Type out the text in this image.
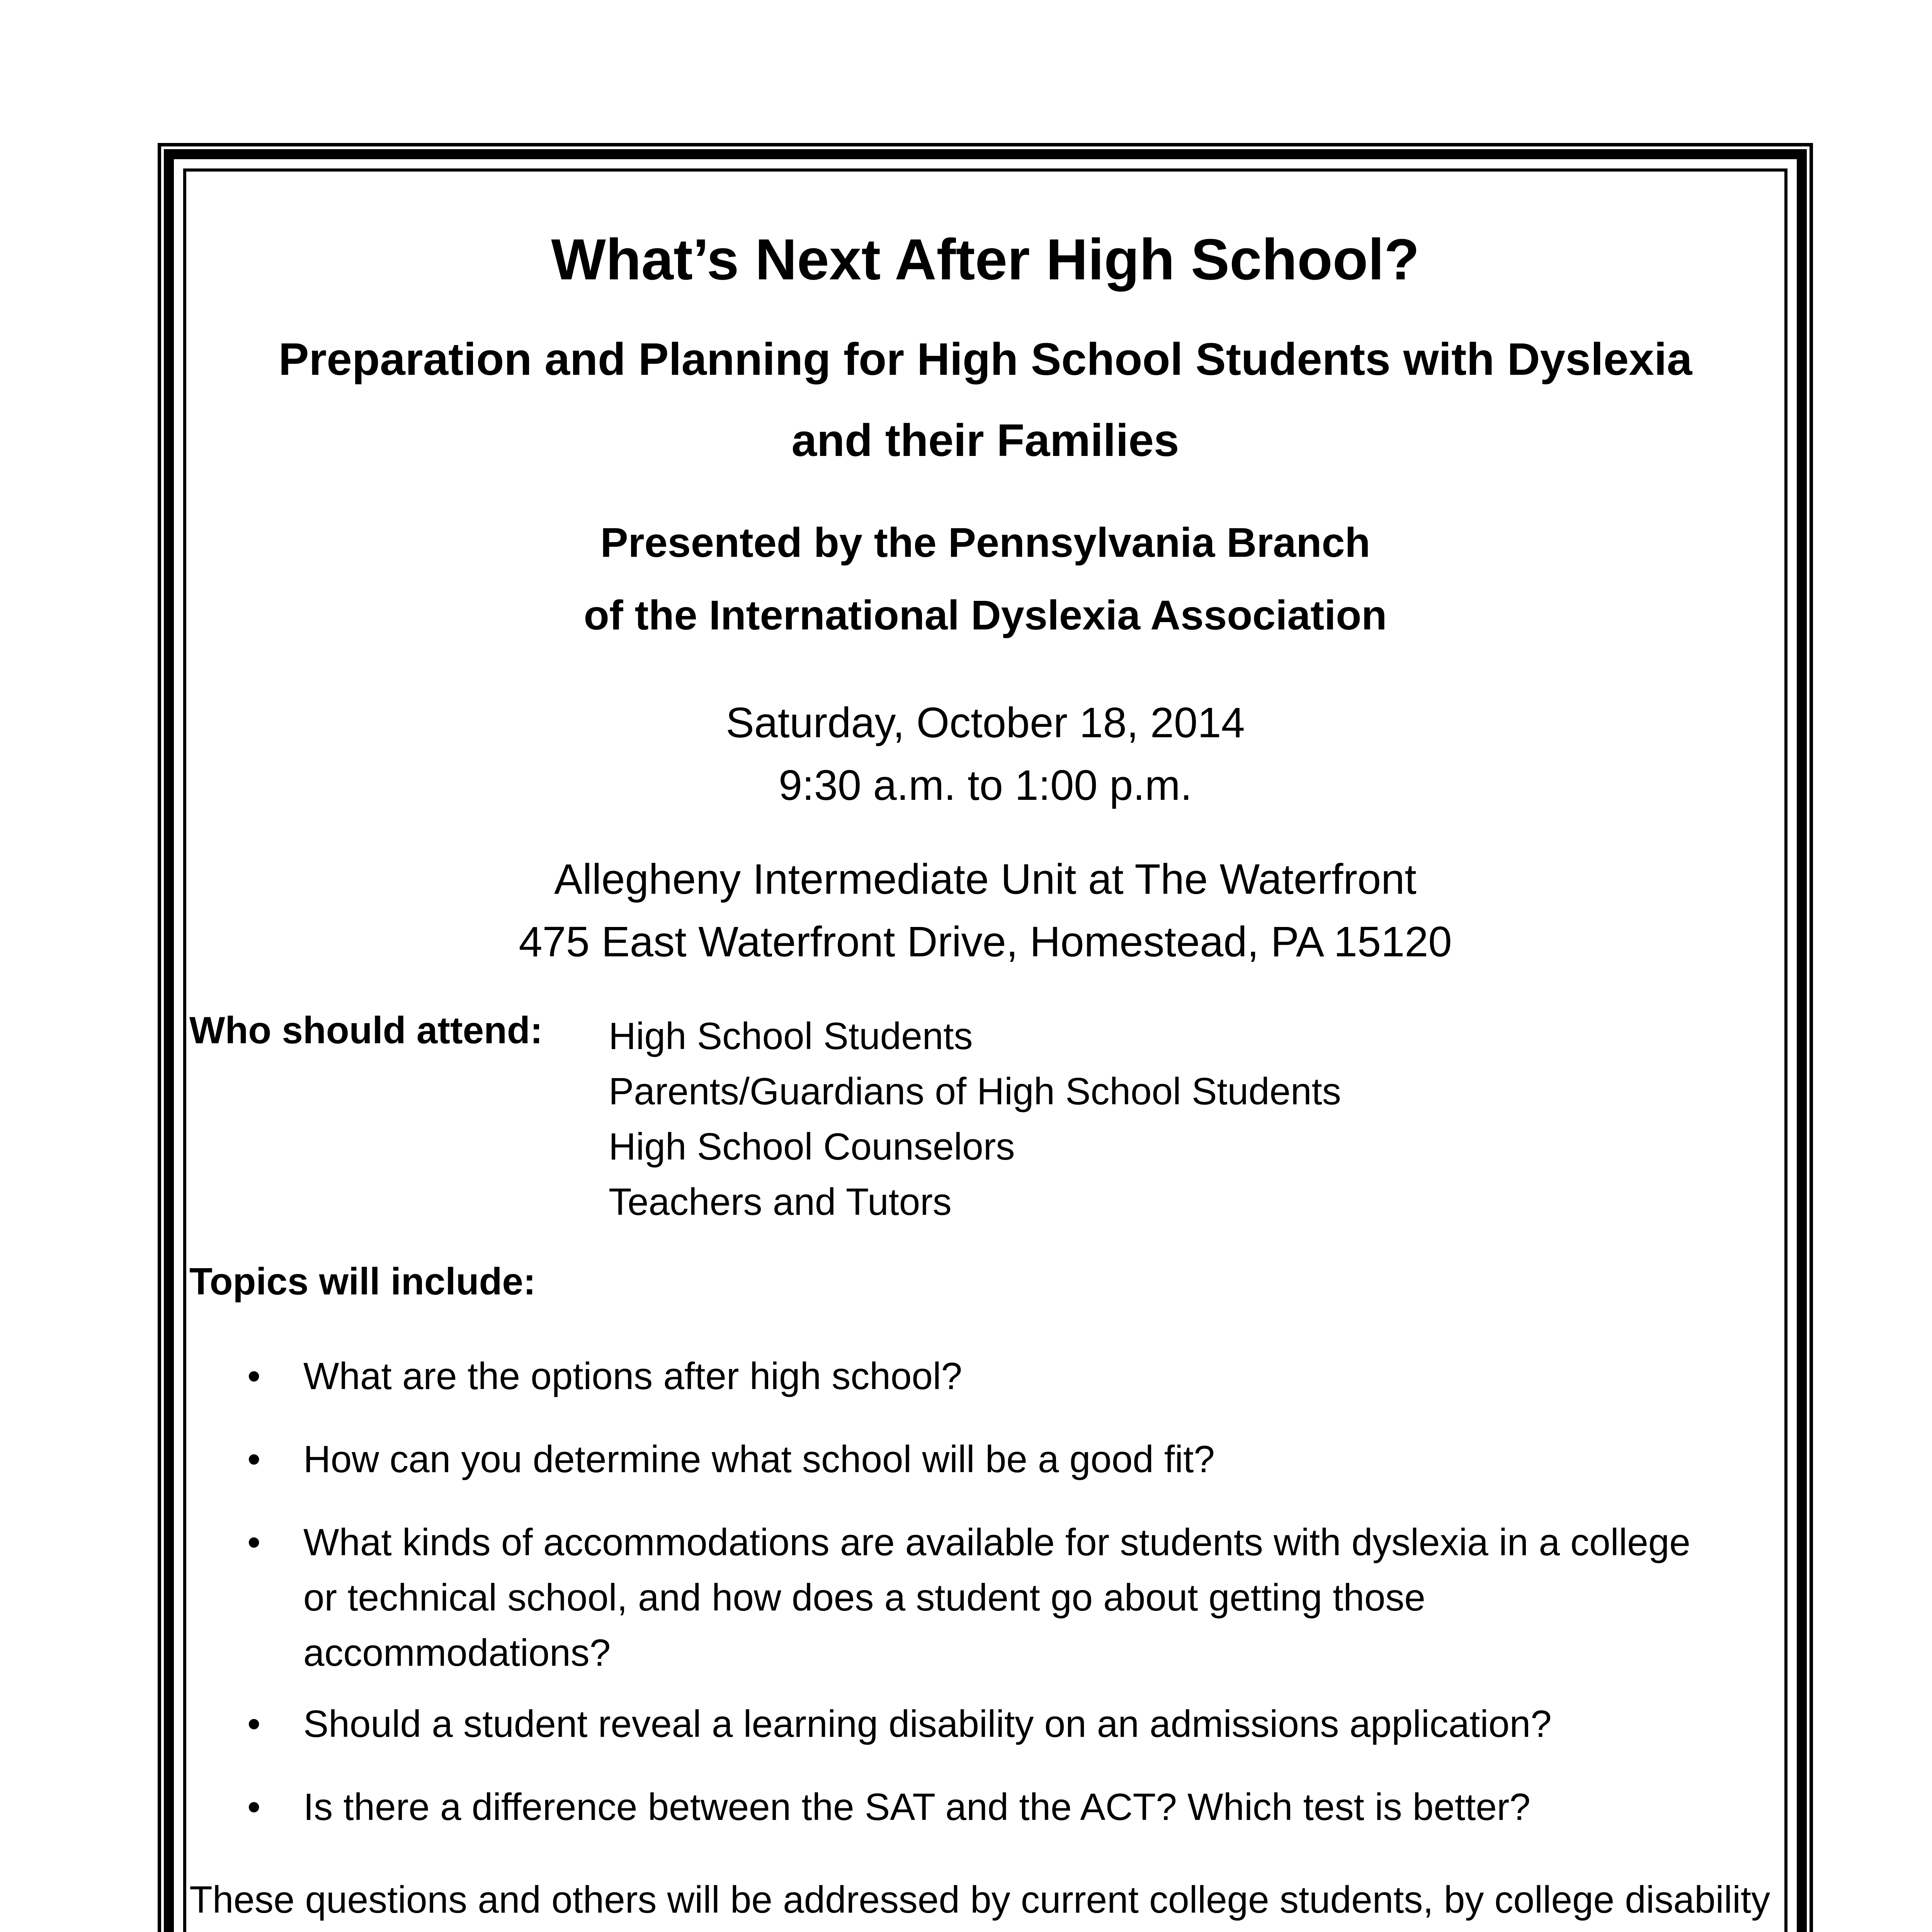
What’s Next After High School?
Preparation and Planning for High School Students with Dyslexia
and their Families
Presented by the Pennsylvania Branch
of the International Dyslexia Association
Saturday, October 18, 2014
9:30 a.m. to 1:00 p.m.
Allegheny Intermediate Unit at The Waterfront
475 East Waterfront Drive, Homestead, PA 15120
Who should attend: High School Students
Parents/Guardians of High School Students
High School Counselors
Teachers and Tutors
Topics will include:
• What are the options after high school?
• How can you determine what school will be a good fit?
• What kinds of accommodations are available for students with dyslexia in a college or technical school, and how does a student go about getting those accommodations?
• Should a student reveal a learning disability on an admissions application?
• Is there a difference between the SAT and the ACT? Which test is better?
These questions and others will be addressed by current college students, by college disability
